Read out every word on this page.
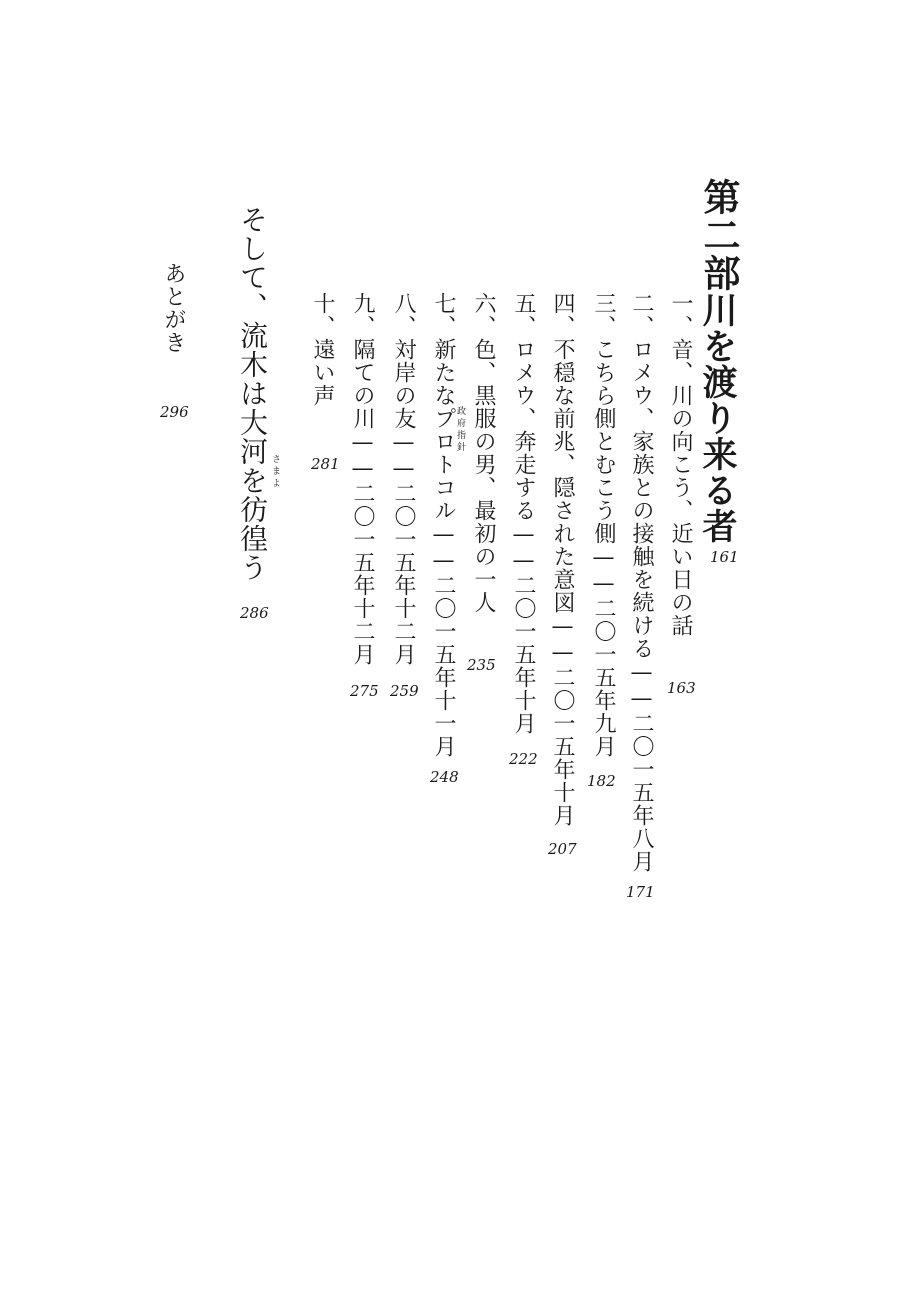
第二部
川を渡り来る者
161
一、音、川の向こう、近い日の話
163
二、ロメウ、家族との接触を続ける——二〇一五年八月
171
三、こちら側とむこう側——二〇一五年九月
182
四、不穏な前兆、隠された意図——二〇一五年十月
207
五、ロメウ、奔走する——二〇一五年十月
222
六、色、黒服の男、最初の一人
235
政府指針
七、新たなプロトコル——二〇一五年十一月
248
八、対岸の友——二〇一五年十二月
259
九、隔ての川——二〇一五年十二月
275
十、遠い声
281
さまよ
そして、流木は大河を彷徨う
286
あとがき
296
